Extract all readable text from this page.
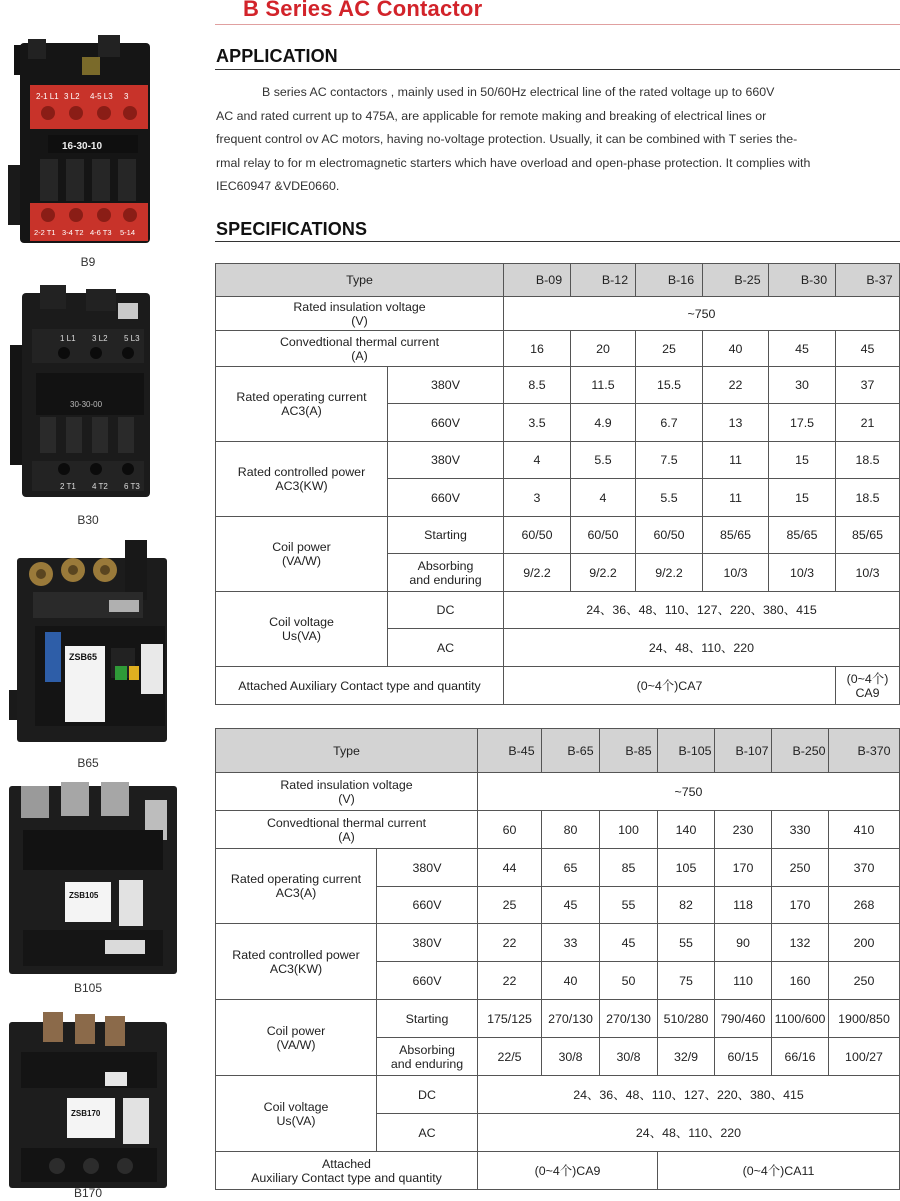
B Series AC Contactor
APPLICATION
B series AC contactors , mainly used in 50/60Hz electrical line of the rated voltage up to 660V
AC and rated current up to 475A, are applicable for remote making and breaking of electrical lines or
frequent control ov AC motors, having no-voltage protection. Usually, it can be combined with T series the-
rmal relay to for m electromagnetic starters which have overload and open-phase protection. It complies with
IEC60947 &VDE0660.
SPECIFICATIONS
2-1 L1 3 L2 4-5 L3 3
16-30-10
2-2 T1 3-4 T2 4-6 T3 5-14
B9
1 L1 3 L2 5 L3
30-30-00
2 T1 4 T2 6 T3
B30
ZSB65
B65
ZSB105
B105
ZSB170
B170
Type		B-09	B-12	B-16	B-25	B-30	B-37

Rated insulation voltage
(V)		~750					

Convedtional thermal current
(A)		16	20	25	40	45	45

Rated operating current
AC3(A)	380V	8.5	11.5	15.5	22	30	37
	660V	3.5	4.9	6.7	13	17.5	21

Rated controlled power
AC3(KW)	380V	4	5.5	7.5	11	15	18.5
	660V	3	4	5.5	11	15	18.5

Coil power
(VA/W)	Starting	60/50	60/50	60/50	85/65	85/65	85/65

	Absorbing
and enduring	9/2.2	9/2.2	9/2.2	10/3	10/3	10/3

Coil voltage
Us(VA)	DC	24、36、48、110、127、220、380、415					
	AC	24、48、110、220					
Attached Auxiliary Contact type and quantity		(0~4个)CA7					(0~4个)
CA9
Type		B-45	B-65	B-85	B-105	B-107	B-250	B-370

Rated insulation voltage
(V)		~750						

Convedtional thermal current
(A)		60	80	100	140	230	330	410

Rated operating current
AC3(A)	380V	44	65	85	105	170	250	370
	660V	25	45	55	82	118	170	268

Rated controlled power
AC3(KW)	380V	22	33	45	55	90	132	200
	660V	22	40	50	75	110	160	250

Coil power
(VA/W)	Starting	175/125	270/130	270/130	510/280	790/460	1100/600	1900/850

	Absorbing
and enduring	22/5	30/8	30/8	32/9	60/15	66/16	100/27

Coil voltage
Us(VA)	DC	24、36、48、110、127、220、380、415						
	AC	24、48、110、220						

Attached
Auxiliary Contact type and quantity		(0~4个)CA9			(0~4个)CA11			
